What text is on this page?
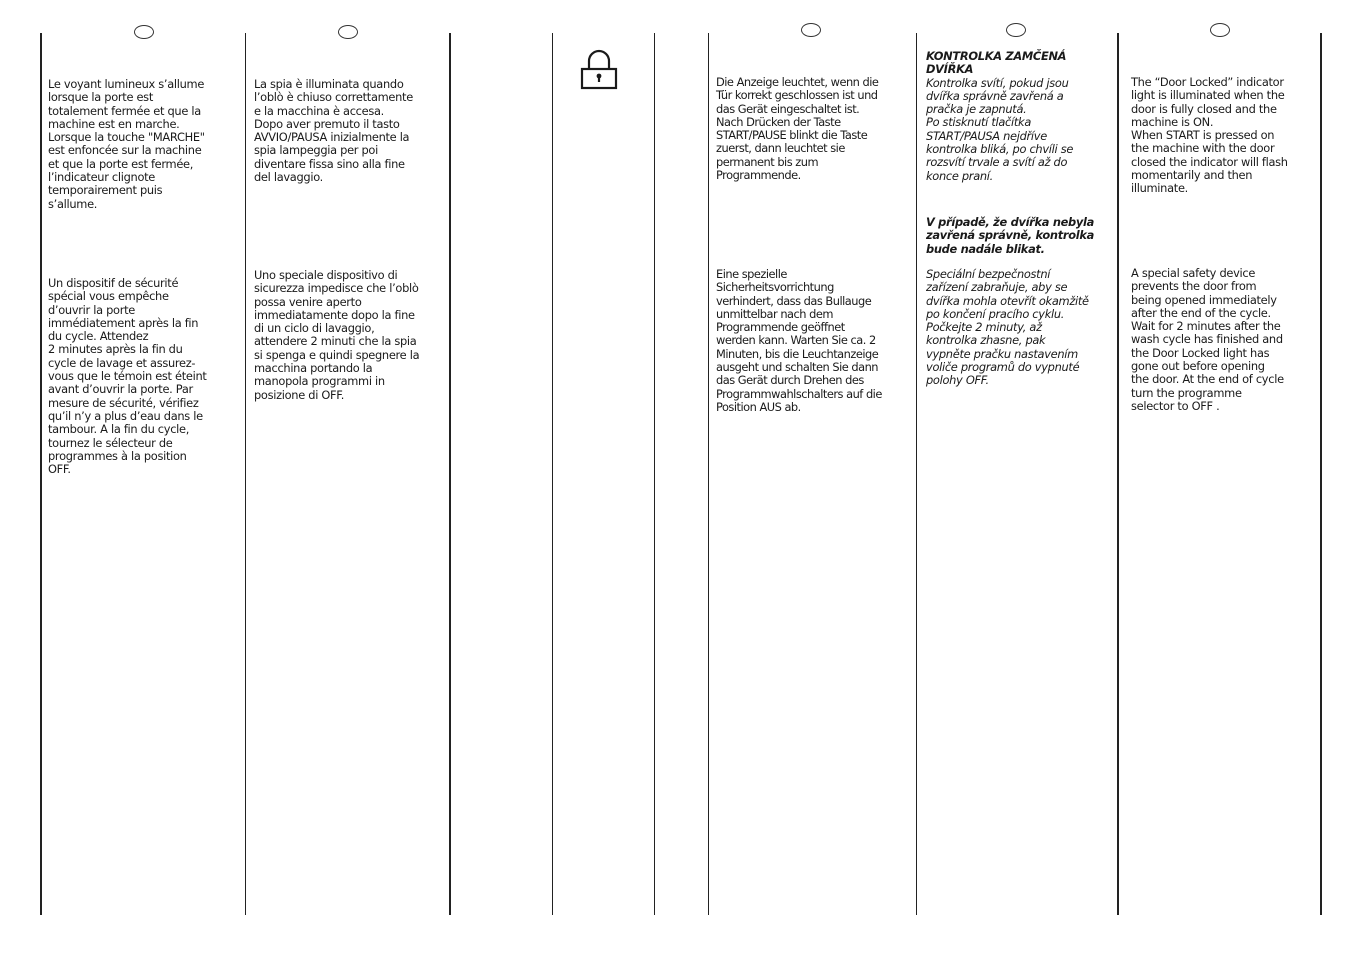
Le voyant lumineux s’allume
lorsque la porte est
totalement fermée et que la
machine est en marche.
Lorsque la touche "MARCHE"
est enfoncée sur la machine
et que la porte est fermée,
l’indicateur clignote
temporairement puis
s’allume.

Un dispositif de sécurité
spécial vous empêche
d’ouvrir la porte
immédiatement après la fin
du cycle. Attendez
2 minutes après la fin du
cycle de lavage et assurez-
vous que le témoin est éteint
avant d’ouvrir la porte. Par
mesure de sécurité, vérifiez
qu’il n’y a plus d’eau dans le
tambour. A la fin du cycle,
tournez le sélecteur de
programmes à la position
OFF.

La spia è illuminata quando
l’oblò è chiuso correttamente
e la macchina è accesa.
Dopo aver premuto il tasto
AVVIO/PAUSA inizialmente la
spia lampeggia per poi
diventare fissa sino alla fine
del lavaggio.

Uno speciale dispositivo di
sicurezza impedisce che l’oblò
possa venire aperto
immediatamente dopo la fine
di un ciclo di lavaggio,
attendere 2 minuti che la spia
si spenga e quindi spegnere la
macchina portando la
manopola programmi in
posizione di OFF.

Die Anzeige leuchtet, wenn die
Tür korrekt geschlossen ist und
das Gerät eingeschaltet ist.
Nach Drücken der Taste
START/PAUSE blinkt die Taste
zuerst, dann leuchtet sie
permanent bis zum
Programmende.

Eine spezielle
Sicherheitsvorrichtung
verhindert, dass das Bullauge
unmittelbar nach dem
Programmende geöffnet
werden kann. Warten Sie ca. 2
Minuten, bis die Leuchtanzeige
ausgeht und schalten Sie dann
das Gerät durch Drehen des
Programmwahlschalters auf die
Position AUS ab.

KONTROLKA ZAMČENÁ
DVÍŘKA

Kontrolka svítí, pokud jsou
dvířka správně zavřená a
pračka je zapnutá.
Po stisknutí tlačítka
START/PAUSA nejdříve
kontrolka bliká, po chvíli se
rozsvítí trvale a svítí až do
konce praní.

V případě, že dvířka nebyla
zavřená správně, kontrolka
bude nadále blikat.

Speciální bezpečnostní
zařízení zabraňuje, aby se
dvířka mohla otevřít okamžitě
po končení pracího cyklu.
Počkejte 2 minuty, až
kontrolka zhasne, pak
vypněte pračku nastavením
voliče programů do vypnuté
polohy OFF.

The “Door Locked” indicator
light is illuminated when the
door is fully closed and the
machine is ON.
When START is pressed on
the machine with the door
closed the indicator will flash
momentarily and then
illuminate.

A special safety device
prevents the door from
being opened immediately
after the end of the cycle.
Wait for 2 minutes after the
wash cycle has finished and
the Door Locked light has
gone out before opening
the door. At the end of cycle
turn the programme
selector to OFF .
